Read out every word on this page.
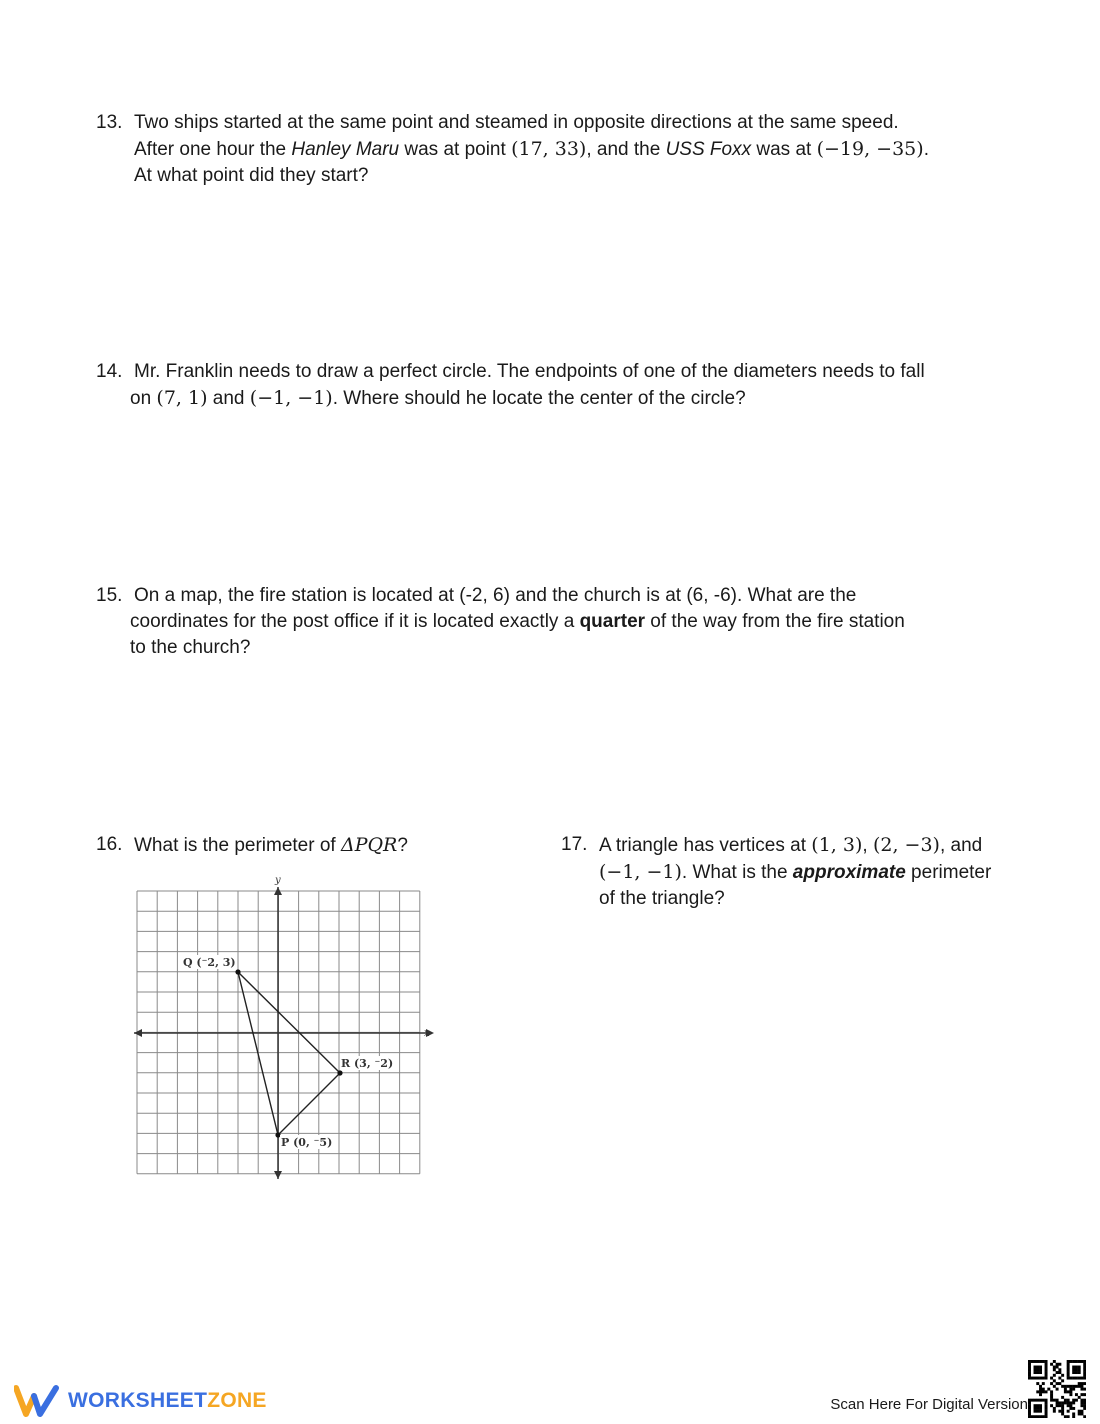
13. Two ships started at the same point and steamed in opposite directions at the same speed.
After one hour the Hanley Maru was at point (17, 33), and the USS Foxx was at (−19, −35).
At what point did they start?
14. Mr. Franklin needs to draw a perfect circle. The endpoints of one of the diameters needs to fall
on (7, 1) and (−1, −1). Where should he locate the center of the circle?
15. On a map, the fire station is located at (-2, 6) and the church is at (6, -6). What are the
coordinates for the post office if it is located exactly a quarter of the way from the fire station
to the church?
16. What is the perimeter of ΔPQR?	17. A triangle has vertices at (1, 3), (2, −3), and
(−1, −1). What is the approximate perimeter
of the triangle?
x
y
Q (⁻2, 3)
R (3, ⁻2)
P (0, ⁻5)
WORKSHEETZONE	Scan Here For Digital Version
